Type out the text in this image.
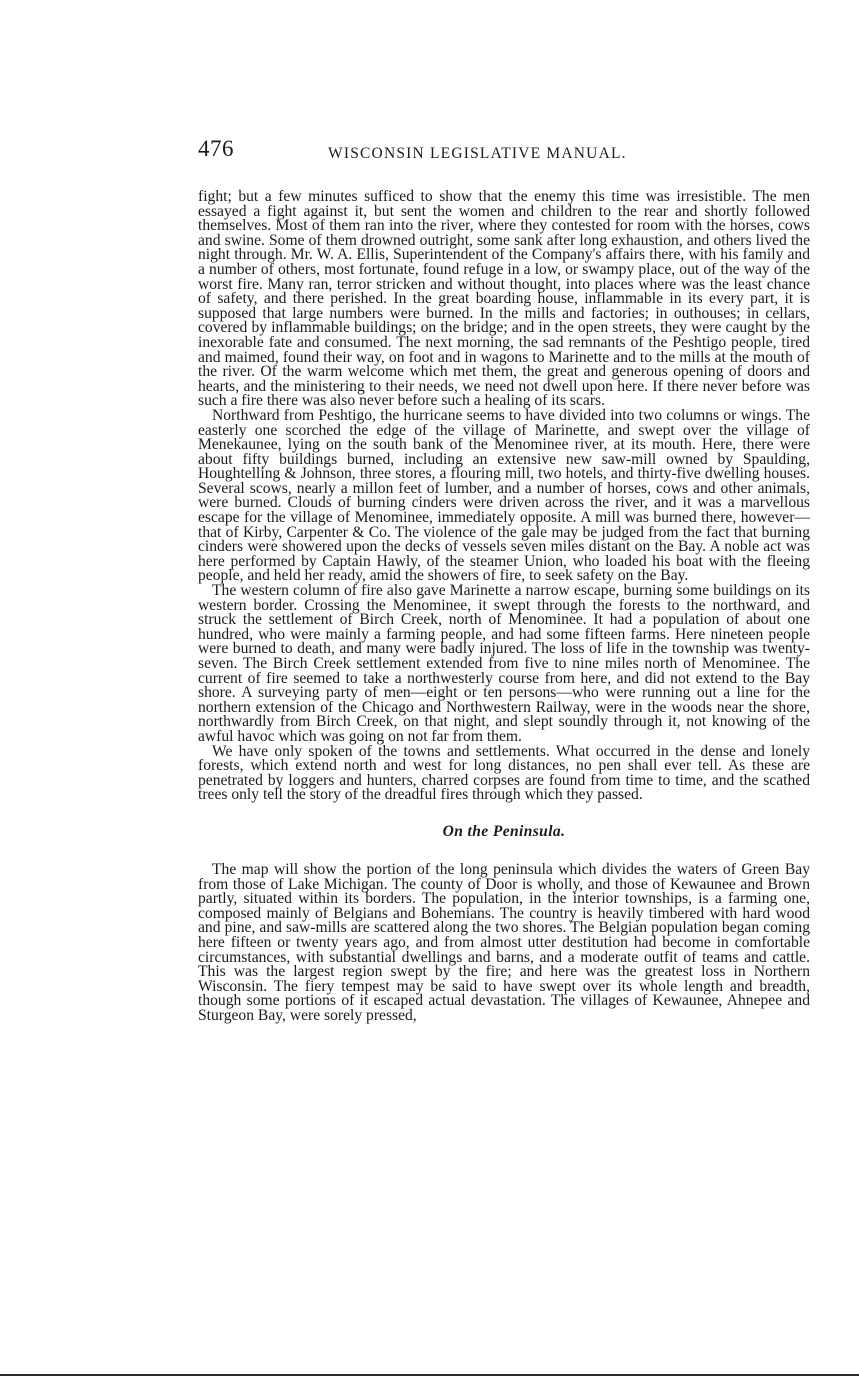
476	WISCONSIN LEGISLATIVE MANUAL.

fight; but a few minutes sufficed to show that the enemy this time was irresistible. The men essayed a fight against it, but sent the women and children to the rear and shortly followed themselves. Most of them ran into the river, where they contested for room with the horses, cows and swine. Some of them drowned outright, some sank after long exhaustion, and others lived the night through. Mr. W. A. Ellis, Superintendent of the Company's affairs there, with his family and a number of others, most fortunate, found refuge in a low, or swampy place, out of the way of the worst fire. Many ran, terror stricken and without thought, into places where was the least chance of safety, and there perished. In the great boarding house, inflammable in its every part, it is supposed that large numbers were burned. In the mills and factories; in outhouses; in cellars, covered by inflammable buildings; on the bridge; and in the open streets, they were caught by the inexorable fate and consumed. The next morning, the sad remnants of the Peshtigo people, tired and maimed, found their way, on foot and in wagons to Marinette and to the mills at the mouth of the river. Of the warm welcome which met them, the great and generous opening of doors and hearts, and the ministering to their needs, we need not dwell upon here. If there never before was such a fire there was also never before such a healing of its scars.

Northward from Peshtigo, the hurricane seems to have divided into two columns or wings. The easterly one scorched the edge of the village of Marinette, and swept over the village of Menekaunee, lying on the south bank of the Menominee river, at its mouth. Here, there were about fifty buildings burned, including an extensive new saw-mill owned by Spaulding, Houghtelling & Johnson, three stores, a flouring mill, two hotels, and thirty-five dwelling houses. Several scows, nearly a millon feet of lumber, and a number of horses, cows and other animals, were burned. Clouds of burning cinders were driven across the river, and it was a marvellous escape for the village of Menominee, immediately opposite. A mill was burned there, however—that of Kirby, Carpenter & Co. The violence of the gale may be judged from the fact that burning cinders were showered upon the decks of vessels seven miles distant on the Bay. A noble act was here performed by Captain Hawly, of the steamer Union, who loaded his boat with the fleeing people, and held her ready, amid the showers of fire, to seek safety on the Bay.

The western column of fire also gave Marinette a narrow escape, burning some buildings on its western border. Crossing the Menominee, it swept through the forests to the northward, and struck the settlement of Birch Creek, north of Menominee. It had a population of about one hundred, who were mainly a farming people, and had some fifteen farms. Here nineteen people were burned to death, and many were badly injured. The loss of life in the township was twenty-seven. The Birch Creek settlement extended from five to nine miles north of Menominee. The current of fire seemed to take a northwesterly course from here, and did not extend to the Bay shore. A surveying party of men—eight or ten persons—who were running out a line for the northern extension of the Chicago and Northwestern Railway, were in the woods near the shore, northwardly from Birch Creek, on that night, and slept soundly through it, not knowing of the awful havoc which was going on not far from them.

We have only spoken of the towns and settlements. What occurred in the dense and lonely forests, which extend north and west for long distances, no pen shall ever tell. As these are penetrated by loggers and hunters, charred corpses are found from time to time, and the scathed trees only tell the story of the dreadful fires through which they passed.

On the Peninsula.

The map will show the portion of the long peninsula which divides the waters of Green Bay from those of Lake Michigan. The county of Door is wholly, and those of Kewaunee and Brown partly, situated within its borders. The population, in the interior townships, is a farming one, composed mainly of Belgians and Bohemians. The country is heavily timbered with hard wood and pine, and saw-mills are scattered along the two shores. The Belgian population began coming here fifteen or twenty years ago, and from almost utter destitution had become in comfortable circumstances, with substantial dwellings and barns, and a moderate outfit of teams and cattle. This was the largest region swept by the fire; and here was the greatest loss in Northern Wisconsin. The fiery tempest may be said to have swept over its whole length and breadth, though some portions of it escaped actual devastation. The villages of Kewaunee, Ahnepee and Sturgeon Bay, were sorely pressed,
